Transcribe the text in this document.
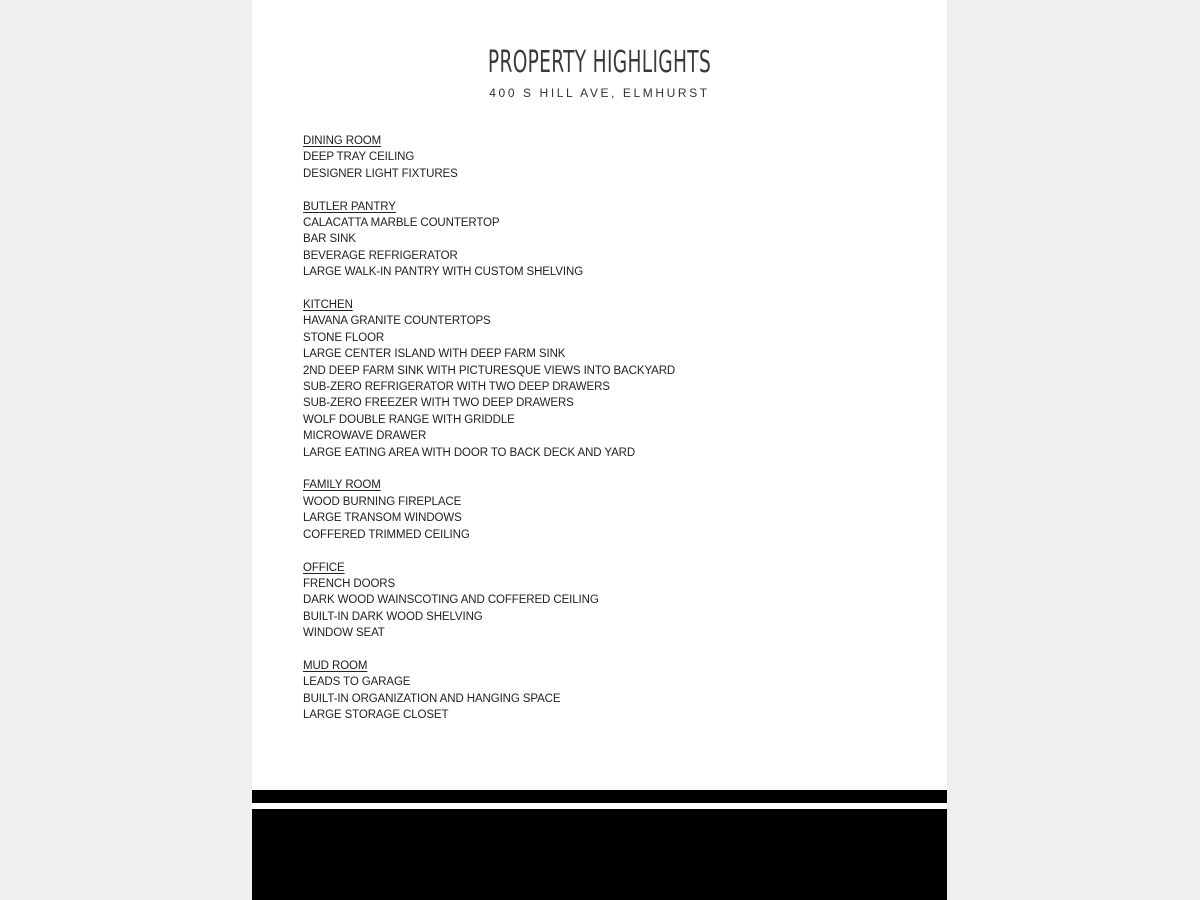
PROPERTY HIGHLIGHTS
400 S HILL AVE, ELMHURST
DINING ROOM
DEEP TRAY CEILING
DESIGNER LIGHT FIXTURES
BUTLER PANTRY
CALACATTA MARBLE COUNTERTOP
BAR SINK
BEVERAGE REFRIGERATOR
LARGE WALK-IN PANTRY WITH CUSTOM SHELVING
KITCHEN
HAVANA GRANITE COUNTERTOPS
STONE FLOOR
LARGE CENTER ISLAND WITH DEEP FARM SINK
2ND DEEP FARM SINK WITH PICTURESQUE VIEWS INTO BACKYARD
SUB-ZERO REFRIGERATOR WITH TWO DEEP DRAWERS
SUB-ZERO FREEZER WITH TWO DEEP DRAWERS
WOLF DOUBLE RANGE WITH GRIDDLE
MICROWAVE DRAWER
LARGE EATING AREA WITH DOOR TO BACK DECK AND YARD
FAMILY ROOM
WOOD BURNING FIREPLACE
LARGE TRANSOM WINDOWS
COFFERED TRIMMED CEILING
OFFICE
FRENCH DOORS
DARK WOOD WAINSCOTING AND COFFERED CEILING
BUILT-IN DARK WOOD SHELVING
WINDOW SEAT
MUD ROOM
LEADS TO GARAGE
BUILT-IN ORGANIZATION AND HANGING SPACE
LARGE STORAGE CLOSET
